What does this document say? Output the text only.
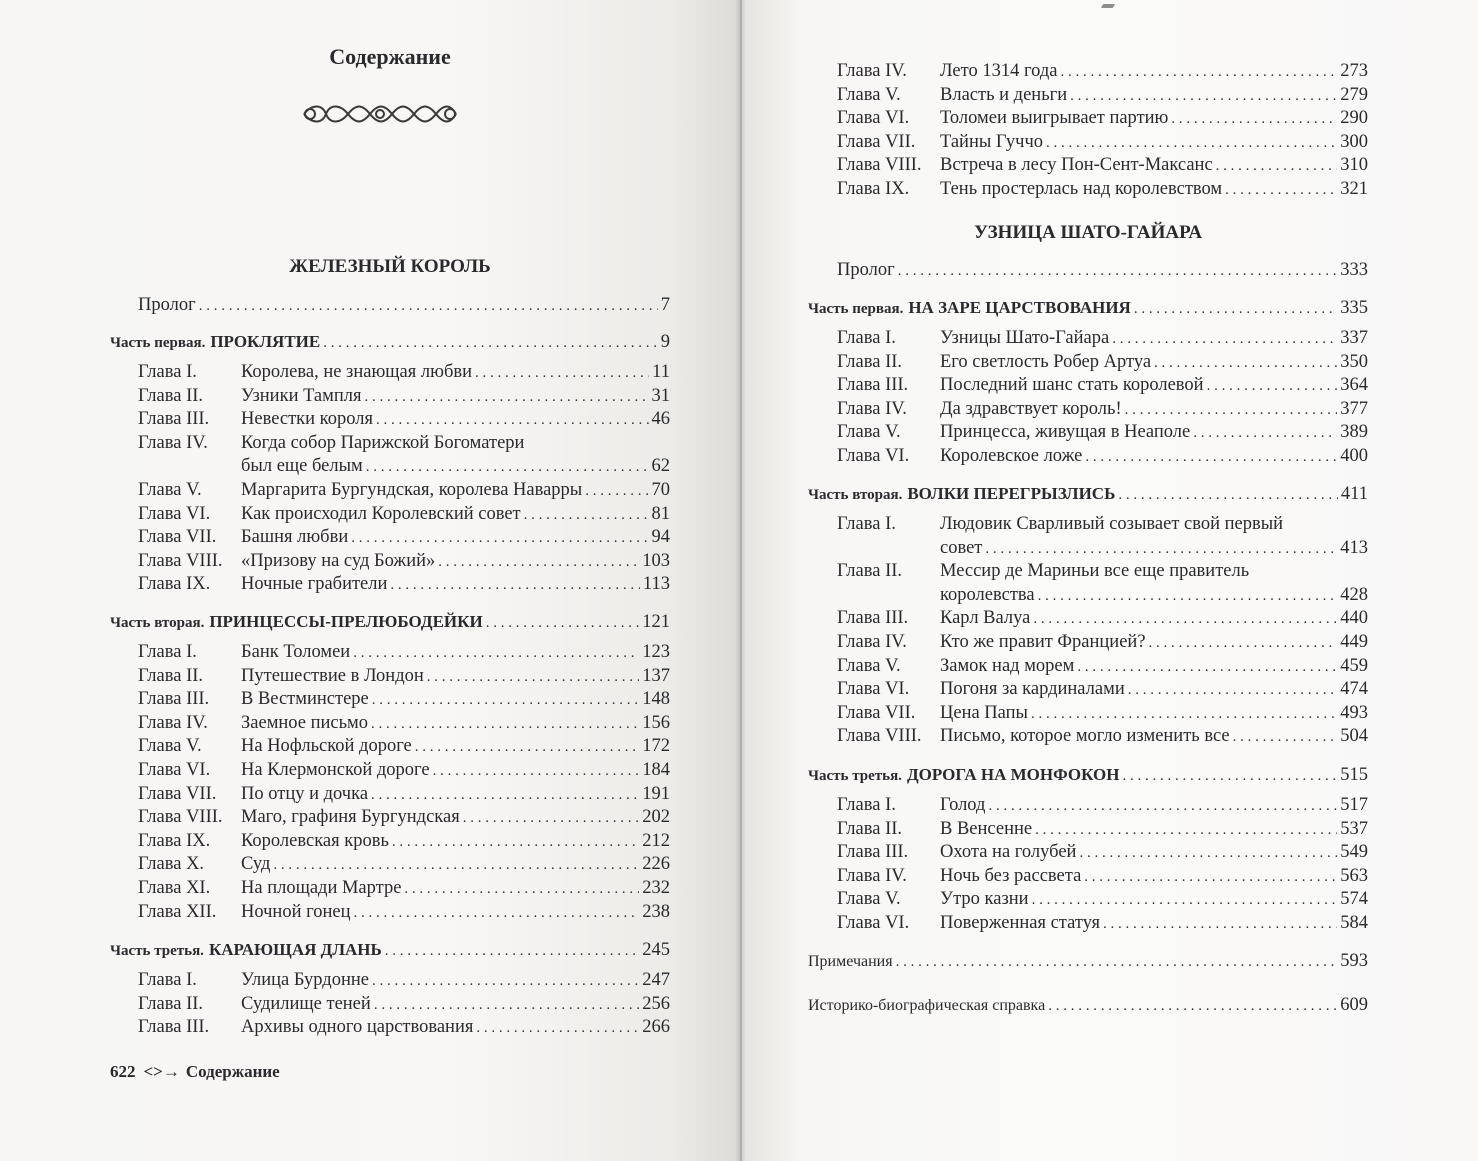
Содержание
ЖЕЛЕЗНЫЙ КОРОЛЬ
Пролог . . .	7
Часть первая. ПРОКЛЯТИЕ . . .	9
Глава I.	Королева, не знающая любви . . .	11
Глава II.	Узники Тампля . . .	31
Глава III.	Невестки короля . . .	46
Глава IV.	Когда собор Парижской Богоматери
был еще белым . . .	62
Глава V.	Маргарита Бургундская, королева Наварры . . .	70
Глава VI.	Как происходил Королевский совет . . .	81
Глава VII.	Башня любви . . .	94
Глава VIII. «Призову на суд Божий» . . .	103
Глава IX.	Ночные грабители . . .	113
Часть вторая. ПРИНЦЕССЫ-ПРЕЛЮБОДЕЙКИ . . .	121
Глава I.	Банк Толомеи . . .	123
Глава II.	Путешествие в Лондон . . .	137
Глава III.	В Вестминстере . . .	148
Глава IV.	Заемное письмо . . .	156
Глава V.	На Нофльской дороге . . .	172
Глава VI.	На Клермонской дороге . . .	184
Глава VII.	По отцу и дочка . . .	191
Глава VIII. Маго, графиня Бургундская . . .	202
Глава IX.	Королевская кровь . . .	212
Глава X.	Суд . . .	226
Глава XI.	На площади Мартре . . .	232
Глава XII.	Ночной гонец . . .	238
Часть третья. КАРАЮЩАЯ ДЛАНЬ . . .	245
Глава I.	Улица Бурдонне . . .	247
Глава II.	Судилище теней . . .	256
Глава III.	Архивы одного царствования . . .	266
Глава IV.	Лето 1314 года . . .	273
Глава V.	Власть и деньги . . .	279
Глава VI.	Толомеи выигрывает партию . . .	290
Глава VII.	Тайны Гуччо . . .	300
Глава VIII. Встреча в лесу Пон-Сент-Максанс . . .	310
Глава IX.	Тень простерлась над королевством . . .	321
УЗНИЦА ШАТО-ГАЙАРА
Пролог . . .	333
Часть первая. НА ЗАРЕ ЦАРСТВОВАНИЯ . . .	335
Глава I.	Узницы Шато-Гайара . . .	337
Глава II.	Его светлость Робер Артуа . . .	350
Глава III.	Последний шанс стать королевой . . .	364
Глава IV.	Да здравствует король! . . .	377
Глава V.	Принцесса, живущая в Неаполе . . .	389
Глава VI.	Королевское ложе . . .	400
Часть вторая. ВОЛКИ ПЕРЕГРЫЗЛИСЬ . . .	411
Глава I.	Людовик Сварливый созывает свой первый
совет . . .	413
Глава II.	Мессир де Мариньи все еще правитель
королевства . . .	428
Глава III.	Карл Валуа . . .	440
Глава IV.	Кто же правит Францией? . . .	449
Глава V.	Замок над морем . . .	459
Глава VI.	Погоня за кардиналами . . .	474
Глава VII.	Цена Папы . . .	493
Глава VIII. Письмо, которое могло изменить все . . .	504
Часть третья. ДОРОГА НА МОНФОКОН . . .	515
Глава I.	Голод . . .	517
Глава II.	В Венсенне . . .	537
Глава III.	Охота на голубей . . .	549
Глава IV.	Ночь без рассвета . . .	563
Глава V.	Утро казни . . .	574
Глава VI.	Поверженная статуя . . .	584
Примечания . . .	593
Историко-биографическая справка . . .	609
622 <>→ Содержание
